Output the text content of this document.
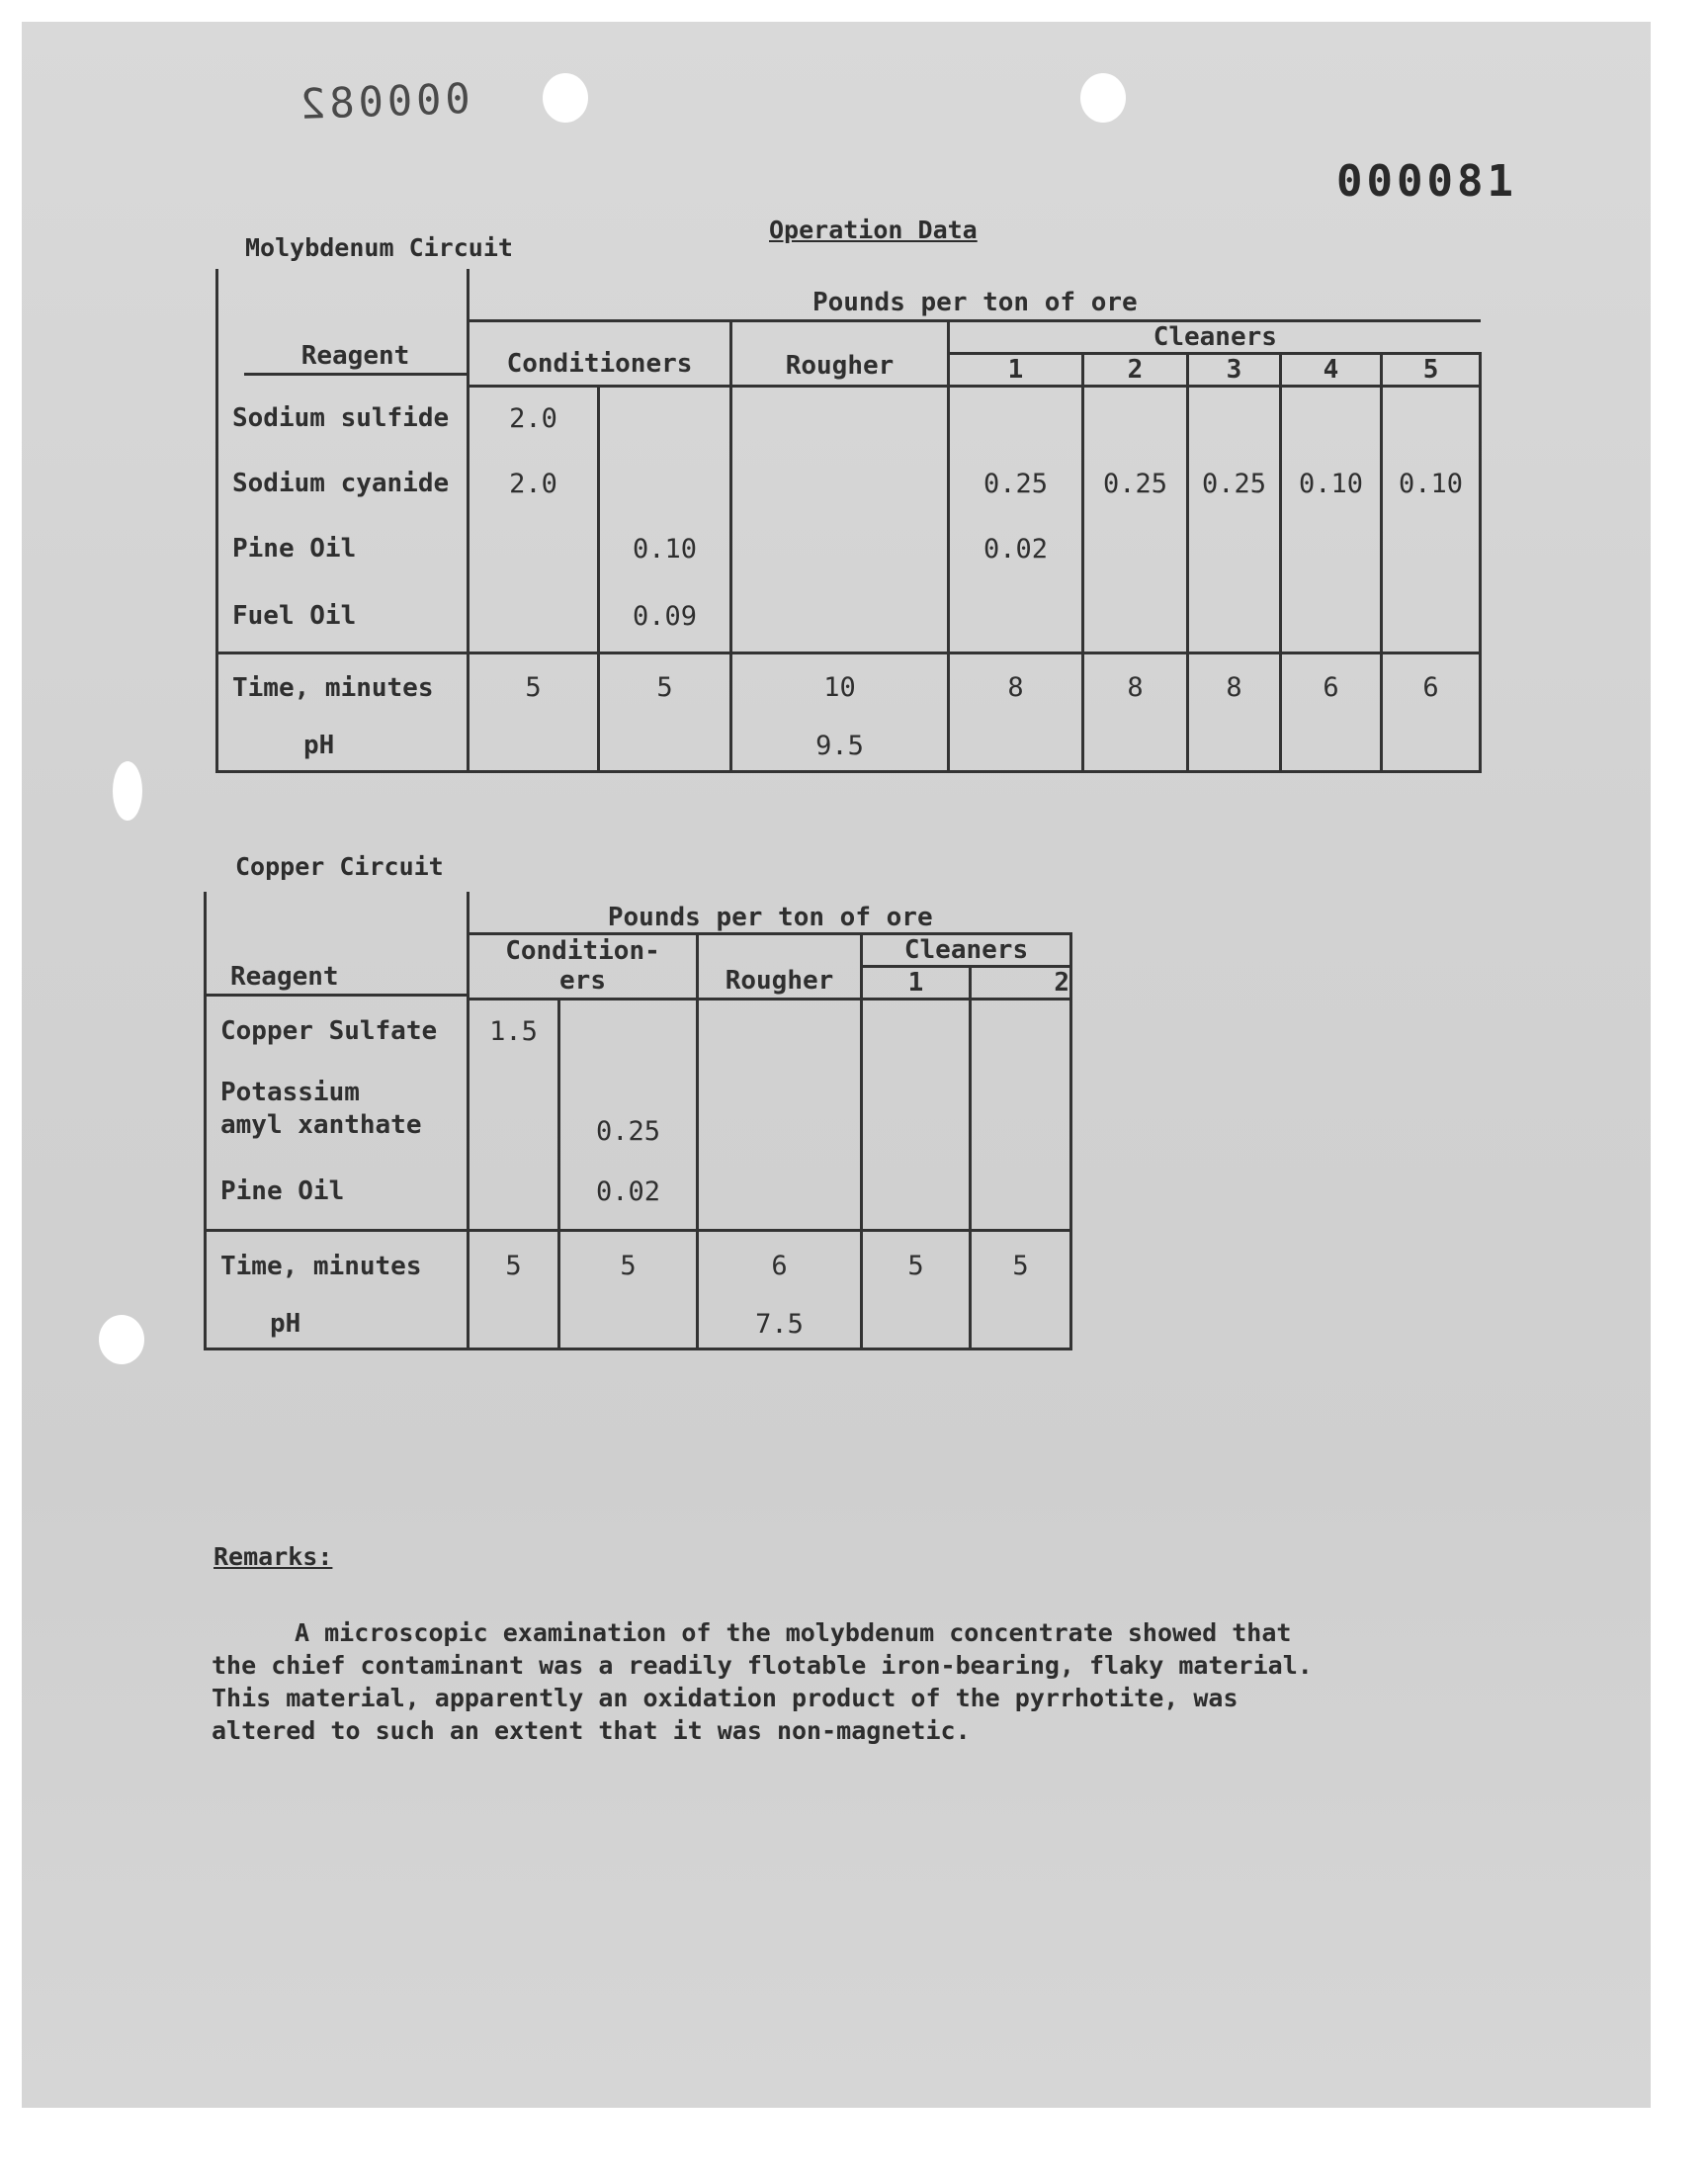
000082
000081
Operation Data
Molybdenum Circuit
Reagent	Pounds per ton of ore							
	Conditioners		Rougher	Cleaners				
				1	2	3	4	5
Sodium sulfide	2.0							
Sodium cyanide	2.0			0.25	0.25	0.25	0.10	0.10
Pine Oil		0.10		0.02				
Fuel Oil		0.09						
Time, minutes	5	5	10	8	8	8	6	6
pH			9.5					
Copper Circuit
Reagent	Pounds per ton of ore				

	Condition-
ers		Rougher	Cleaners	
				1	2
Copper Sulfate	1.5				

Potassium
amyl xanthate		0.25			
Pine Oil		0.02			
Time, minutes	5	5	6	5	5
pH			7.5		
Remarks:
A microscopic examination of the molybdenum concentrate showed that
the chief contaminant was a readily flotable iron-bearing, flaky material.
This material, apparently an oxidation product of the pyrrhotite, was
altered to such an extent that it was non-magnetic.
